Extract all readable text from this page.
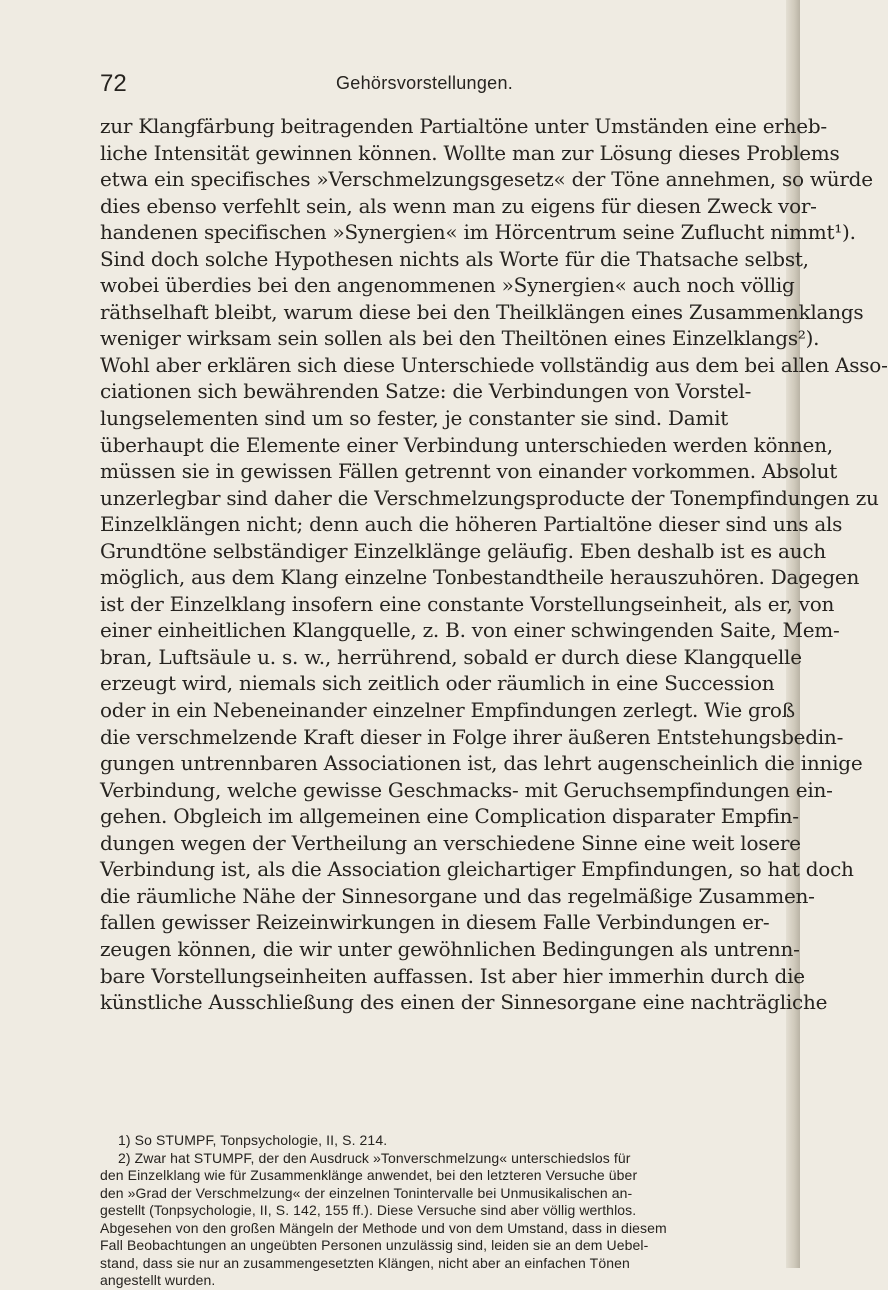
72	Gehörsvorstellungen.
zur Klangfärbung beitragenden Partialtöne unter Umständen eine erheb-
liche Intensität gewinnen können. Wollte man zur Lösung dieses Problems
etwa ein specifisches »Verschmelzungsgesetz« der Töne annehmen, so würde
dies ebenso verfehlt sein, als wenn man zu eigens für diesen Zweck vor-
handenen specifischen »Synergien« im Hörcentrum seine Zuflucht nimmt¹).
Sind doch solche Hypothesen nichts als Worte für die Thatsache selbst,
wobei überdies bei den angenommenen »Synergien« auch noch völlig
räthselhaft bleibt, warum diese bei den Theilklängen eines Zusammenklangs
weniger wirksam sein sollen als bei den Theiltönen eines Einzelklangs²).
Wohl aber erklären sich diese Unterschiede vollständig aus dem bei allen Asso-
ciationen sich bewährenden Satze: die Verbindungen von Vorstel-
lungselementen sind um so fester, je constanter sie sind. Damit
überhaupt die Elemente einer Verbindung unterschieden werden können,
müssen sie in gewissen Fällen getrennt von einander vorkommen. Absolut
unzerlegbar sind daher die Verschmelzungsproducte der Tonempfindungen zu
Einzelklängen nicht; denn auch die höheren Partialtöne dieser sind uns als
Grundtöne selbständiger Einzelklänge geläufig. Eben deshalb ist es auch
möglich, aus dem Klang einzelne Tonbestandtheile herauszuhören. Dagegen
ist der Einzelklang insofern eine constante Vorstellungseinheit, als er, von
einer einheitlichen Klangquelle, z. B. von einer schwingenden Saite, Mem-
bran, Luftsäule u. s. w., herrührend, sobald er durch diese Klangquelle
erzeugt wird, niemals sich zeitlich oder räumlich in eine Succession
oder in ein Nebeneinander einzelner Empfindungen zerlegt. Wie groß
die verschmelzende Kraft dieser in Folge ihrer äußeren Entstehungsbedin-
gungen untrennbaren Associationen ist, das lehrt augenscheinlich die innige
Verbindung, welche gewisse Geschmacks- mit Geruchsempfindungen ein-
gehen. Obgleich im allgemeinen eine Complication disparater Empfin-
dungen wegen der Vertheilung an verschiedene Sinne eine weit losere
Verbindung ist, als die Association gleichartiger Empfindungen, so hat doch
die räumliche Nähe der Sinnesorgane und das regelmäßige Zusammen-
fallen gewisser Reizeinwirkungen in diesem Falle Verbindungen er-
zeugen können, die wir unter gewöhnlichen Bedingungen als untrenn-
bare Vorstellungseinheiten auffassen. Ist aber hier immerhin durch die
künstliche Ausschließung des einen der Sinnesorgane eine nachträgliche
1) So STUMPF, Tonpsychologie, II, S. 214.
2) Zwar hat STUMPF, der den Ausdruck »Tonverschmelzung« unterschiedslos für
den Einzelklang wie für Zusammenklänge anwendet, bei den letzteren Versuche über
den »Grad der Verschmelzung« der einzelnen Tonintervalle bei Unmusikalischen an-
gestellt (Tonpsychologie, II, S. 142, 155 ff.). Diese Versuche sind aber völlig werthlos.
Abgesehen von den großen Mängeln der Methode und von dem Umstand, dass in diesem
Fall Beobachtungen an ungeübten Personen unzulässig sind, leiden sie an dem Uebel-
stand, dass sie nur an zusammengesetzten Klängen, nicht aber an einfachen Tönen
angestellt wurden.
